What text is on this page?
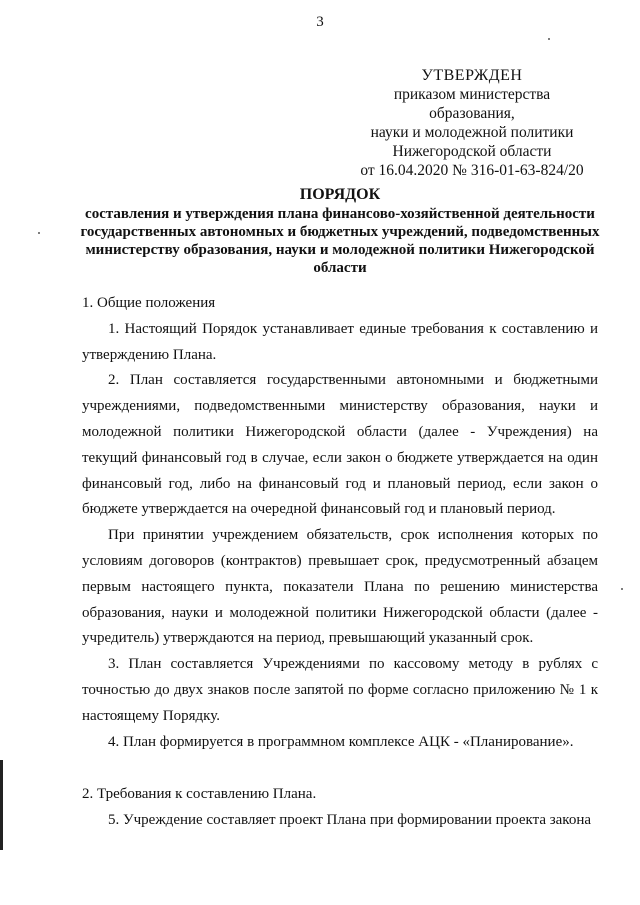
3
УТВЕРЖДЕН
приказом министерства образования,
науки и молодежной политики
Нижегородской области
от 16.04.2020 № 316-01-63-824/20
ПОРЯДОК
составления и утверждения плана финансово-хозяйственной деятельности государственных автономных и бюджетных учреждений, подведомственных министерству образования, науки и молодежной политики Нижегородской области

1. Общие положения

1. Настоящий Порядок устанавливает единые требования к составлению и утверждению Плана.

2. План составляется государственными автономными и бюджетными учреждениями, подведомственными министерству образования, науки и молодежной политики Нижегородской области (далее - Учреждения) на текущий финансовый год в случае, если закон о бюджете утверждается на один финансовый год, либо на финансовый год и плановый период, если закон о бюджете утверждается на очередной финансовый год и плановый период.

При принятии учреждением обязательств, срок исполнения которых по условиям договоров (контрактов) превышает срок, предусмотренный абзацем первым настоящего пункта, показатели Плана по решению министерства образования, науки и молодежной политики Нижегородской области (далее - учредитель) утверждаются на период, превышающий указанный срок.

3. План составляется Учреждениями по кассовому методу в рублях с точностью до двух знаков после запятой по форме согласно приложению № 1 к настоящему Порядку.

4. План формируется в программном комплексе АЦК - «Планирование».

2. Требования к составлению Плана.

5. Учреждение составляет проект Плана при формировании проекта закона
